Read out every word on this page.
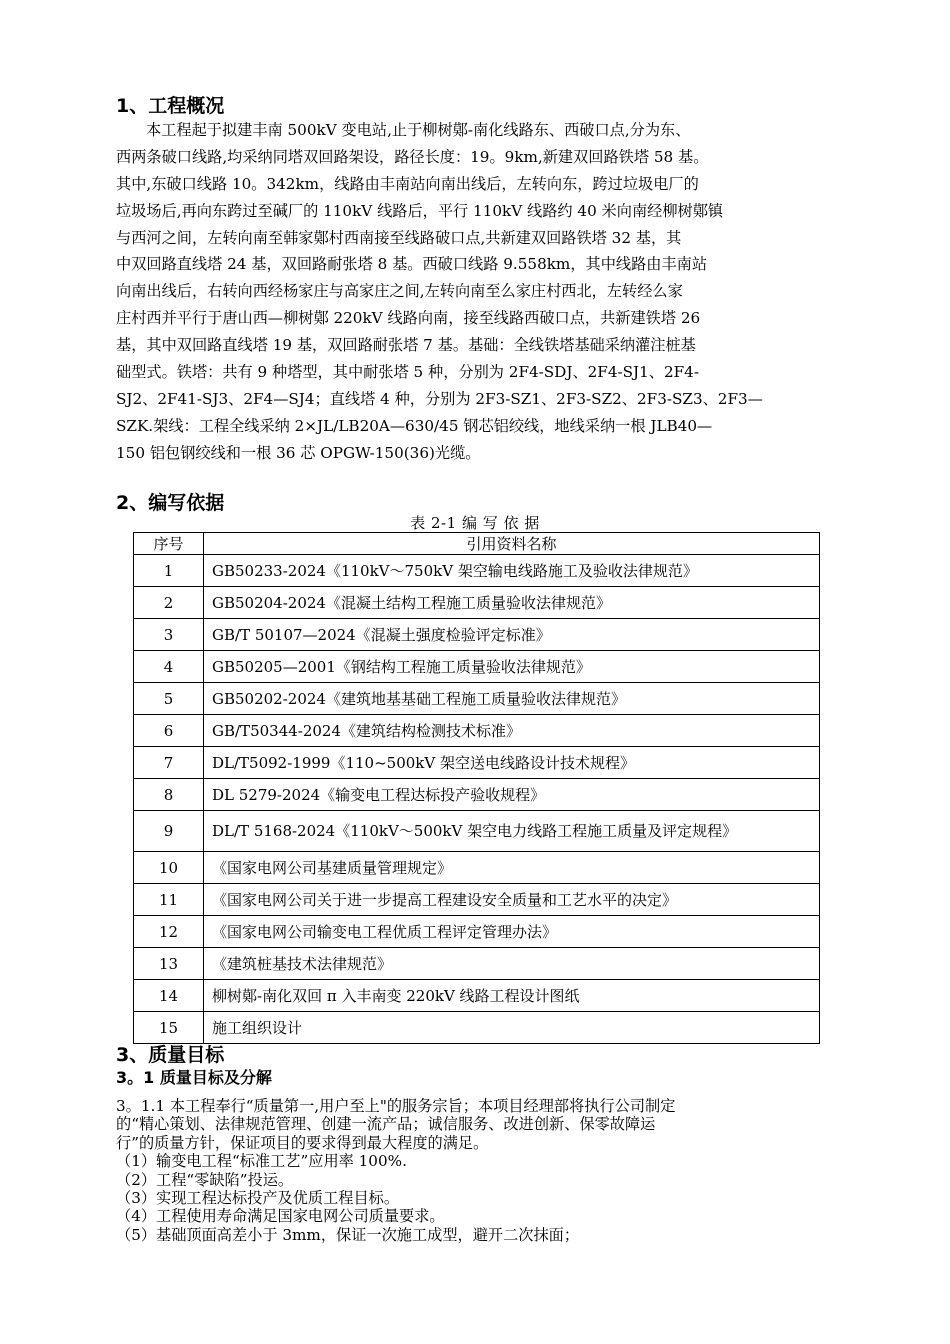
1、工程概况
本工程起于拟建丰南 500kV 变电站,止于柳树鄚-南化线路东、西破口点,分为东、
西两条破口线路,均采纳同塔双回路架设，路径长度：19。9km,新建双回路铁塔 58 基。
其中,东破口线路 10。342km，线路由丰南站向南出线后，左转向东，跨过垃圾电厂的
垃圾场后,再向东跨过至碱厂的 110kV 线路后，平行 110kV 线路约 40 米向南经柳树鄚镇
与西河之间，左转向南至韩家鄚村西南接至线路破口点,共新建双回路铁塔 32 基，其
中双回路直线塔 24 基，双回路耐张塔 8 基。西破口线路 9.558km，其中线路由丰南站
向南出线后，右转向西经杨家庄与高家庄之间,左转向南至么家庄村西北，左转经么家
庄村西并平行于唐山西—柳树鄚 220kV 线路向南，接至线路西破口点，共新建铁塔 26
基，其中双回路直线塔 19 基，双回路耐张塔 7 基。基础：全线铁塔基础采纳灌注桩基
础型式。铁塔：共有 9 种塔型，其中耐张塔 5 种，分别为 2F4-SDJ、2F4-SJ1、2F4-
SJ2、2F41-SJ3、2F4—SJ4；直线塔 4 种，分别为 2F3-SZ1、2F3-SZ2、2F3-SZ3、2F3—
SZK.架线：工程全线采纳 2×JL/LB20A—630/45 钢芯铝绞线，地线采纳一根 JLB40—
150 铝包钢绞线和一根 36 芯 OPGW-150(36)光缆。
2、编写依据
表 2-1 编 写 依 据
序号	引用资料名称
1	GB50233-2024《110kV～750kV 架空输电线路施工及验收法律规范》
2	GB50204-2024《混凝土结构工程施工质量验收法律规范》
3	GB/T 50107—2024《混凝土强度检验评定标准》
4	GB50205—2001《钢结构工程施工质量验收法律规范》
5	GB50202-2024《建筑地基基础工程施工质量验收法律规范》
6	GB/T50344-2024《建筑结构检测技术标准》
7	DL/T5092-1999《110~500kV 架空送电线路设计技术规程》
8	DL 5279-2024《输变电工程达标投产验收规程》
9	DL/T 5168-2024《110kV～500kV 架空电力线路工程施工质量及评定规程》
10	《国家电网公司基建质量管理规定》
11	《国家电网公司关于进一步提高工程建设安全质量和工艺水平的决定》
12	《国家电网公司输变电工程优质工程评定管理办法》
13	《建筑桩基技术法律规范》
14	柳树鄚-南化双回 π 入丰南变 220kV 线路工程设计图纸
15	施工组织设计
3、质量目标
3。1 质量目标及分解
3。1.1 本工程奉行“质量第一,用户至上"的服务宗旨；本项目经理部将执行公司制定
的“精心策划、法律规范管理、创建一流产品；诚信服务、改进创新、保零故障运
行”的质量方针，保证项目的要求得到最大程度的满足。
（1）输变电工程“标准工艺”应用率 100%.
（2）工程“零缺陷”投运。
（3）实现工程达标投产及优质工程目标。
（4）工程使用寿命满足国家电网公司质量要求。
（5）基础顶面高差小于 3mm，保证一次施工成型，避开二次抹面；
